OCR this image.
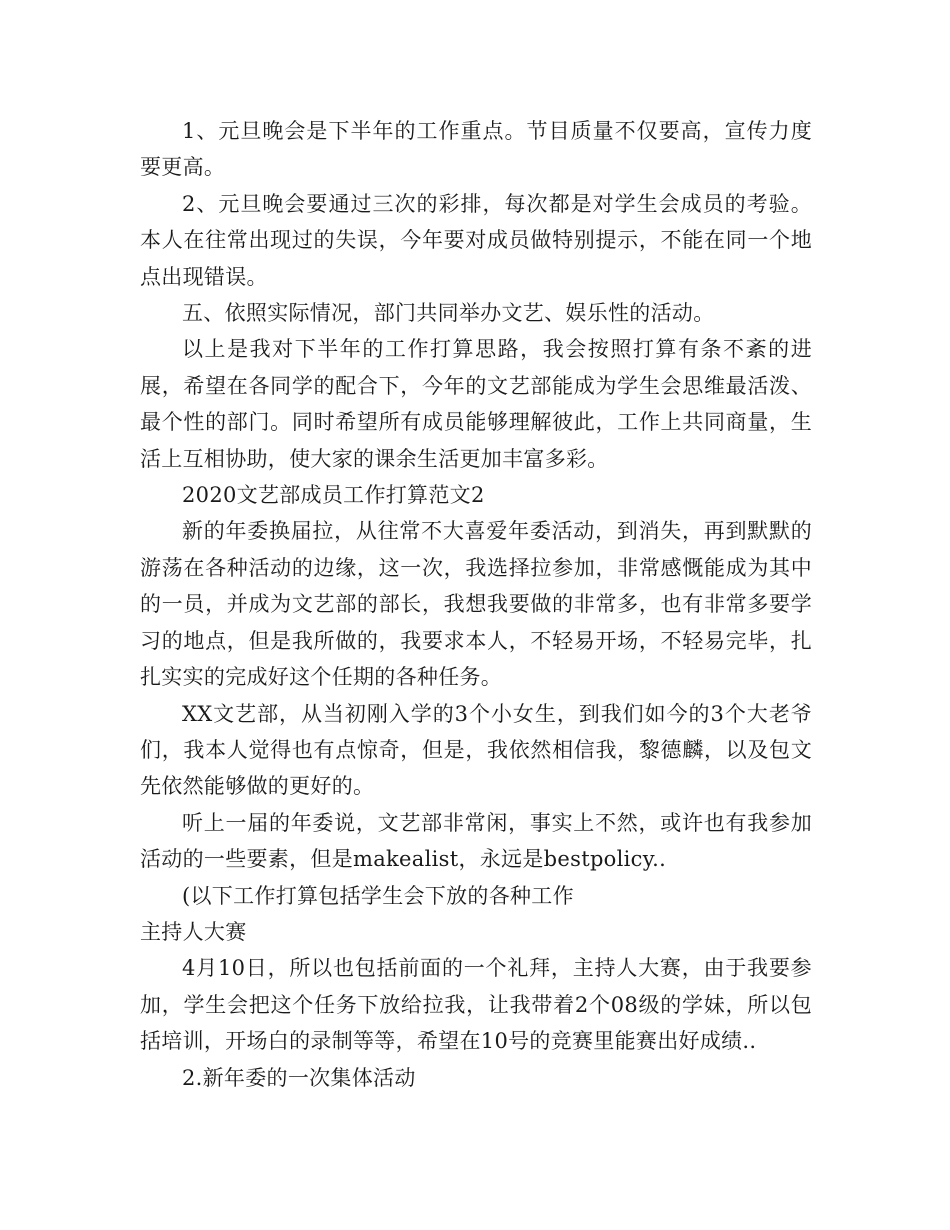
1、元旦晚会是下半年的工作重点。节目质量不仅要高，宣传力度要更高。

2、元旦晚会要通过三次的彩排，每次都是对学生会成员的考验。本人在往常出现过的失误，今年要对成员做特别提示，不能在同一个地点出现错误。

五、依照实际情况，部门共同举办文艺、娱乐性的活动。

以上是我对下半年的工作打算思路，我会按照打算有条不紊的进展，希望在各同学的配合下，今年的文艺部能成为学生会思维最活泼、最个性的部门。同时希望所有成员能够理解彼此，工作上共同商量，生活上互相协助，使大家的课余生活更加丰富多彩。

2020文艺部成员工作打算范文2

新的年委换届拉，从往常不大喜爱年委活动，到消失，再到默默的游荡在各种活动的边缘，这一次，我选择拉参加，非常感慨能成为其中的一员，并成为文艺部的部长，我想我要做的非常多，也有非常多要学习的地点，但是我所做的，我要求本人，不轻易开场，不轻易完毕，扎扎实实的完成好这个任期的各种任务。

XX文艺部，从当初刚入学的3个小女生，到我们如今的3个大老爷们，我本人觉得也有点惊奇，但是，我依然相信我，黎德麟，以及包文先依然能够做的更好的。

听上一届的年委说，文艺部非常闲，事实上不然，或许也有我参加活动的一些要素，但是makealist，永远是bestpolicy..

(以下工作打算包括学生会下放的各种工作

主持人大赛

4月10日，所以也包括前面的一个礼拜，主持人大赛，由于我要参加，学生会把这个任务下放给拉我，让我带着2个08级的学妹，所以包括培训，开场白的录制等等，希望在10号的竞赛里能赛出好成绩..

2.新年委的一次集体活动
